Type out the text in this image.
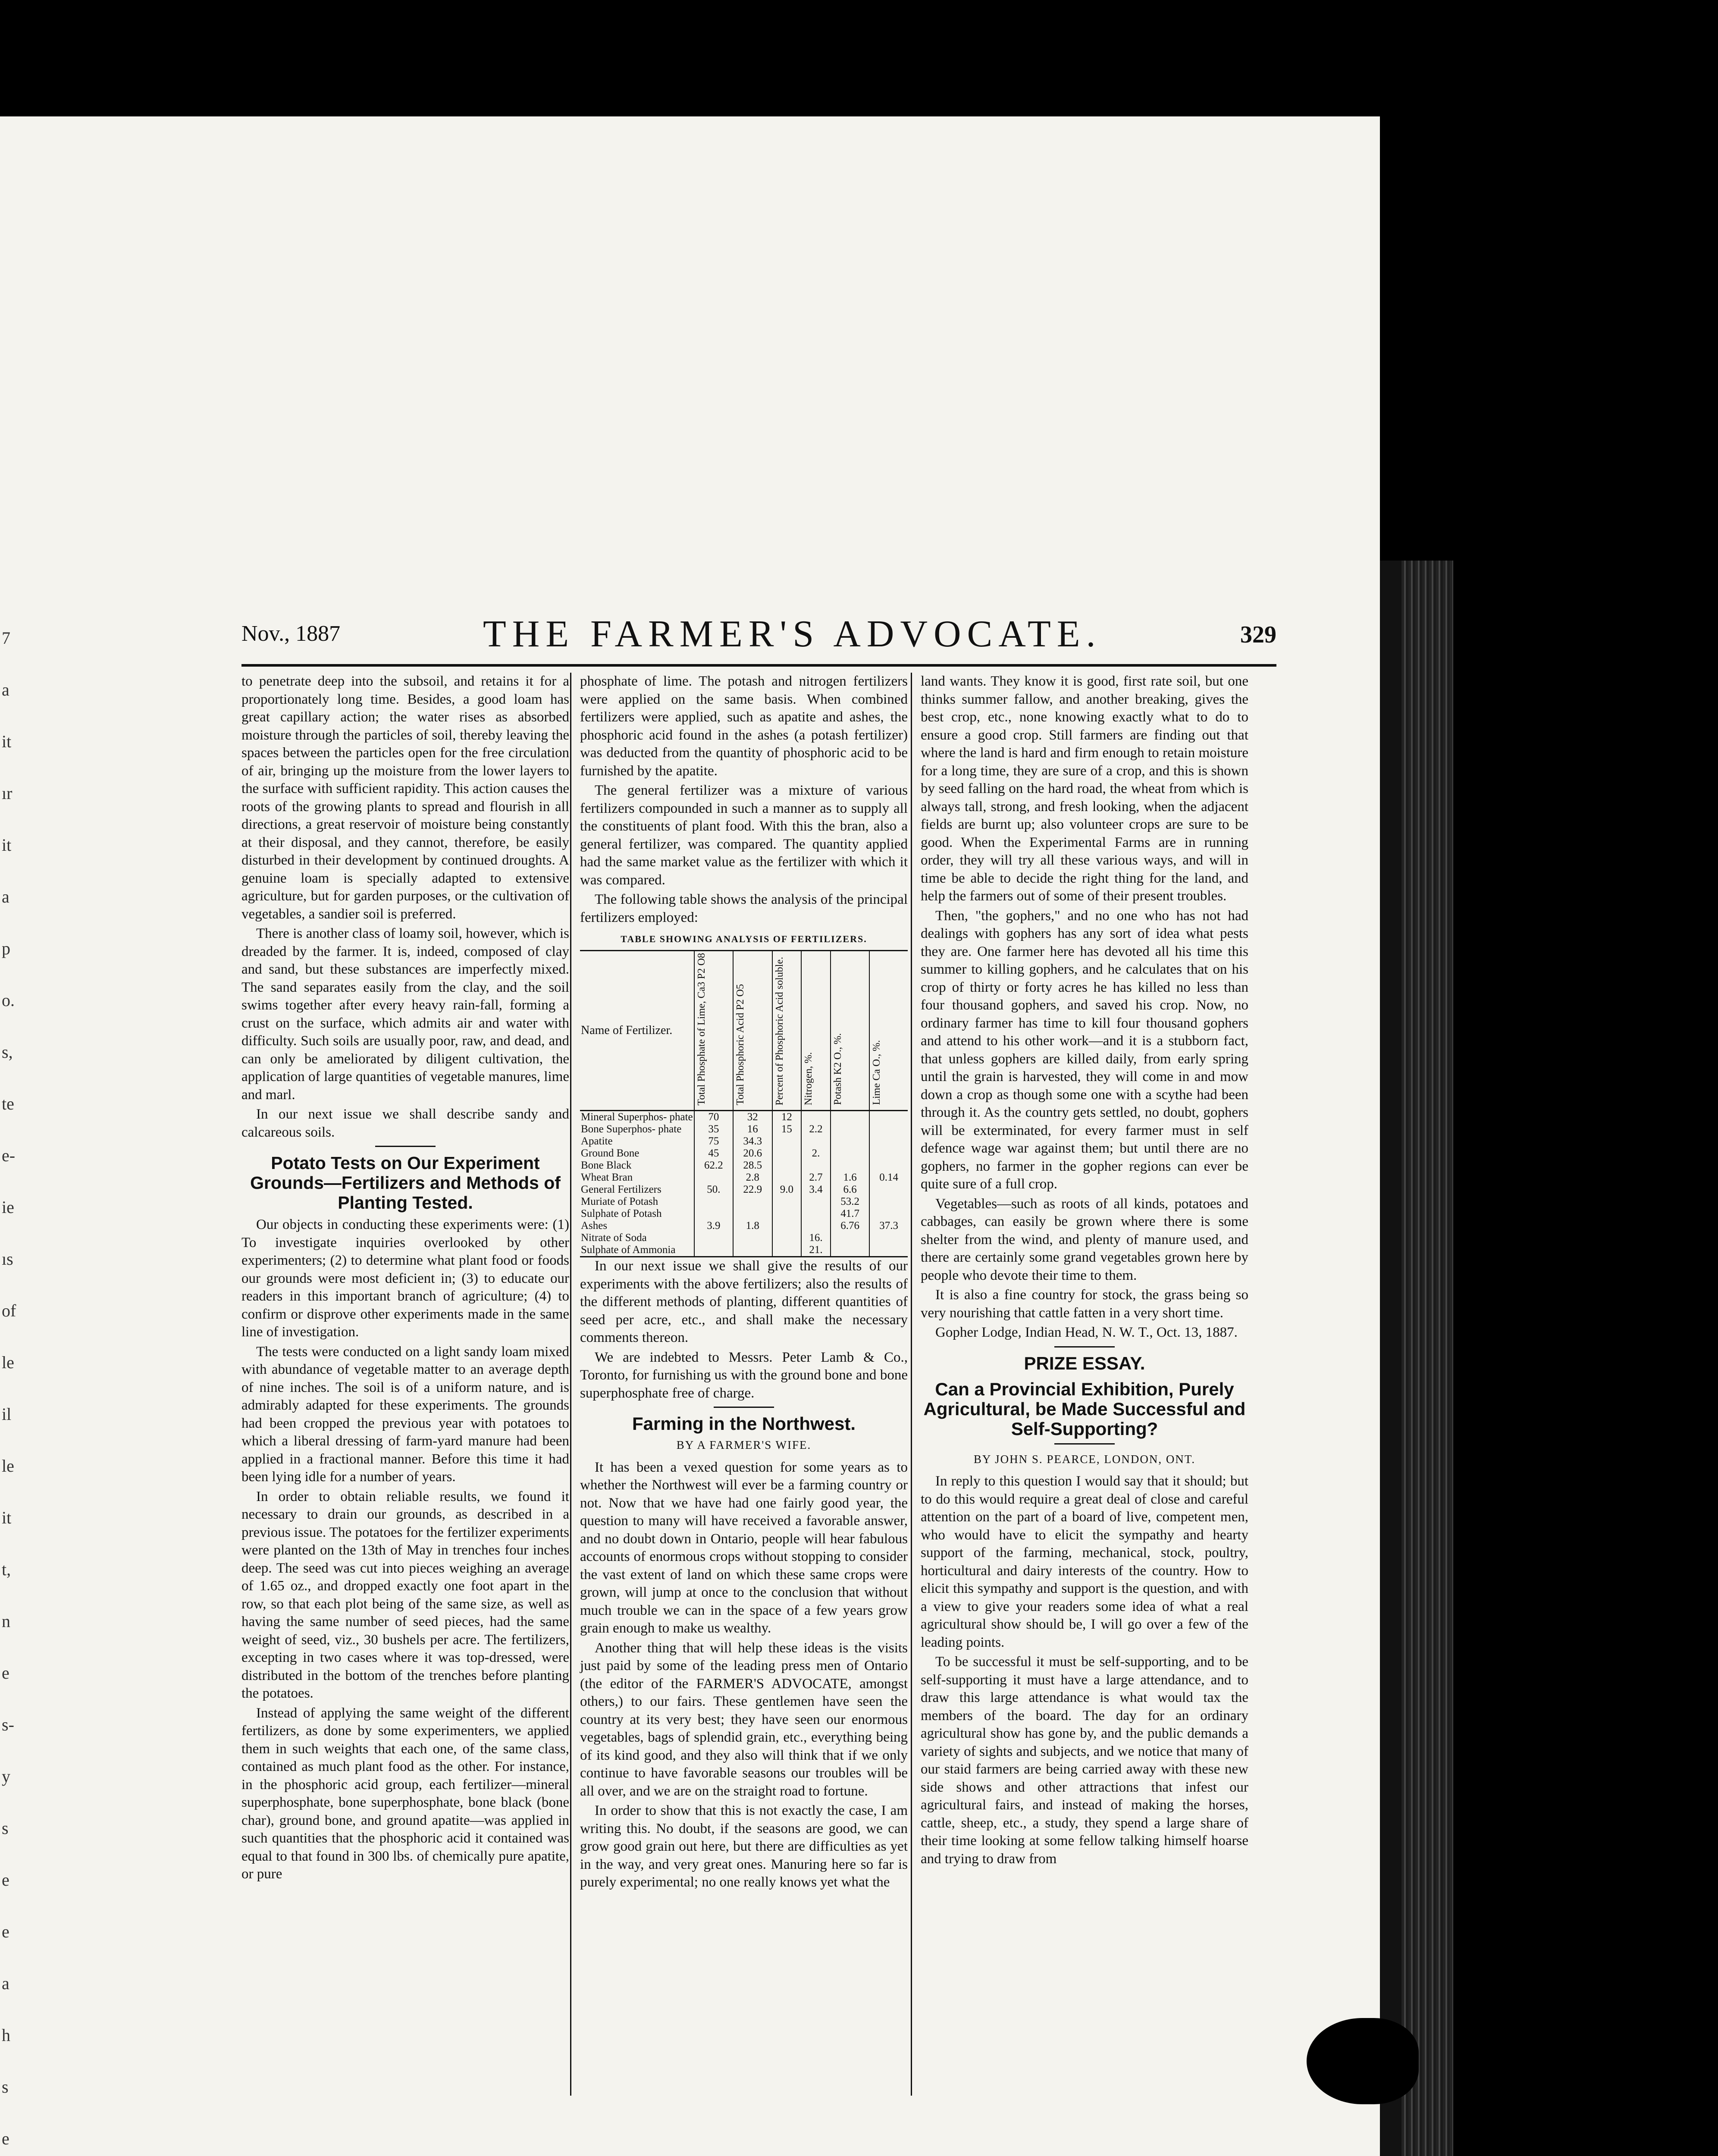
7
a
it
ır
it
a
p
o.
s,
te
e-
ie
ıs
of
le
il
le
it
t,
n
e
s-
y
s
e
e
a
h
s
e

Nov., 1887	THE FARMER'S ADVOCATE.	329

to penetrate deep into the subsoil, and retains it for a proportionately long time. Besides, a good loam has great capillary action; the water rises as absorbed moisture through the particles of soil, thereby leaving the spaces between the particles open for the free circulation of air, bringing up the moisture from the lower layers to the surface with sufficient rapidity. This action causes the roots of the growing plants to spread and flourish in all directions, a great reservoir of moisture being constantly at their disposal, and they cannot, therefore, be easily disturbed in their development by continued droughts. A genuine loam is specially adapted to extensive agriculture, but for garden purposes, or the cultivation of vegetables, a sandier soil is preferred.

There is another class of loamy soil, however, which is dreaded by the farmer. It is, indeed, composed of clay and sand, but these substances are imperfectly mixed. The sand separates easily from the clay, and the soil swims together after every heavy rain-fall, forming a crust on the surface, which admits air and water with difficulty. Such soils are usually poor, raw, and dead, and can only be ameliorated by diligent cultivation, the application of large quantities of vegetable manures, lime and marl.

In our next issue we shall describe sandy and calcareous soils.

Potato Tests on Our Experiment Grounds—Fertilizers and Methods of Planting Tested.

Our objects in conducting these experiments were: (1) To investigate inquiries overlooked by other experimenters; (2) to determine what plant food or foods our grounds were most deficient in; (3) to educate our readers in this important branch of agriculture; (4) to confirm or disprove other experiments made in the same line of investigation.

The tests were conducted on a light sandy loam mixed with abundance of vegetable matter to an average depth of nine inches. The soil is of a uniform nature, and is admirably adapted for these experiments. The grounds had been cropped the previous year with potatoes to which a liberal dressing of farm-yard manure had been applied in a fractional manner. Before this time it had been lying idle for a number of years.

In order to obtain reliable results, we found it necessary to drain our grounds, as described in a previous issue. The potatoes for the fertilizer experiments were planted on the 13th of May in trenches four inches deep. The seed was cut into pieces weighing an average of 1.65 oz., and dropped exactly one foot apart in the row, so that each plot being of the same size, as well as having the same number of seed pieces, had the same weight of seed, viz., 30 bushels per acre. The fertilizers, excepting in two cases where it was top-dressed, were distributed in the bottom of the trenches before planting the potatoes.

Instead of applying the same weight of the different fertilizers, as done by some experimenters, we applied them in such weights that each one, of the same class, contained as much plant food as the other. For instance, in the phosphoric acid group, each fertilizer—mineral superphosphate, bone superphosphate, bone black (bone char), ground bone, and ground apatite—was applied in such quantities that the phosphoric acid it contained was equal to that found in 300 lbs. of chemically pure apatite, or pure

phosphate of lime. The potash and nitrogen fertilizers were applied on the same basis. When combined fertilizers were applied, such as apatite and ashes, the phosphoric acid found in the ashes (a potash fertilizer) was deducted from the quantity of phosphoric acid to be furnished by the apatite.

The general fertilizer was a mixture of various fertilizers compounded in such a manner as to supply all the constituents of plant food. With this the bran, also a general fertilizer, was compared. The quantity applied had the same market value as the fertilizer with which it was compared.

The following table shows the analysis of the principal fertilizers employed:

TABLE SHOWING ANALYSIS OF FERTILIZERS.
Name of Fertilizer.	Total Phosphate of Lime, Ca3 P2 O8	Total Phosphoric Acid P2 O5	Percent of Phosphoric Acid soluble.	Nitrogen, %.	Potash K2 O., %.	Lime Ca O., %.
Mineral Superphos- phate	70	32	12			
Bone Superphos- phate	35	16	15	2.2		
Apatite	75	34.3				
Ground Bone	45	20.6		2.		
Bone Black	62.2	28.5				
Wheat Bran		2.8		2.7	1.6	0.14
General Fertilizers	50.	22.9	9.0	3.4	6.6	
Muriate of Potash					53.2	
Sulphate of Potash					41.7	
Ashes	3.9	1.8			6.76	37.3
Nitrate of Soda				16.		
Sulphate of Ammonia				21.		

In our next issue we shall give the results of our experiments with the above fertilizers; also the results of the different methods of planting, different quantities of seed per acre, etc., and shall make the necessary comments thereon.

We are indebted to Messrs. Peter Lamb & Co., Toronto, for furnishing us with the ground bone and bone superphosphate free of charge.

Farming in the Northwest.
BY A FARMER'S WIFE.

It has been a vexed question for some years as to whether the Northwest will ever be a farming country or not. Now that we have had one fairly good year, the question to many will have received a favorable answer, and no doubt down in Ontario, people will hear fabulous accounts of enormous crops without stopping to consider the vast extent of land on which these same crops were grown, will jump at once to the conclusion that without much trouble we can in the space of a few years grow grain enough to make us wealthy.

Another thing that will help these ideas is the visits just paid by some of the leading press men of Ontario (the editor of the FARMER'S ADVOCATE, amongst others,) to our fairs. These gentlemen have seen the country at its very best; they have seen our enormous vegetables, bags of splendid grain, etc., everything being of its kind good, and they also will think that if we only continue to have favorable seasons our troubles will be all over, and we are on the straight road to fortune.

In order to show that this is not exactly the case, I am writing this. No doubt, if the seasons are good, we can grow good grain out here, but there are difficulties as yet in the way, and very great ones. Manuring here so far is purely experimental; no one really knows yet what the

land wants. They know it is good, first rate soil, but one thinks summer fallow, and another breaking, gives the best crop, etc., none knowing exactly what to do to ensure a good crop. Still farmers are finding out that where the land is hard and firm enough to retain moisture for a long time, they are sure of a crop, and this is shown by seed falling on the hard road, the wheat from which is always tall, strong, and fresh looking, when the adjacent fields are burnt up; also volunteer crops are sure to be good. When the Experimental Farms are in running order, they will try all these various ways, and will in time be able to decide the right thing for the land, and help the farmers out of some of their present troubles.

Then, "the gophers," and no one who has not had dealings with gophers has any sort of idea what pests they are. One farmer here has devoted all his time this summer to killing gophers, and he calculates that on his crop of thirty or forty acres he has killed no less than four thousand gophers, and saved his crop. Now, no ordinary farmer has time to kill four thousand gophers and attend to his other work—and it is a stubborn fact, that unless gophers are killed daily, from early spring until the grain is harvested, they will come in and mow down a crop as though some one with a scythe had been through it. As the country gets settled, no doubt, gophers will be exterminated, for every farmer must in self defence wage war against them; but until there are no gophers, no farmer in the gopher regions can ever be quite sure of a full crop.

Vegetables—such as roots of all kinds, potatoes and cabbages, can easily be grown where there is some shelter from the wind, and plenty of manure used, and there are certainly some grand vegetables grown here by people who devote their time to them.

It is also a fine country for stock, the grass being so very nourishing that cattle fatten in a very short time.

Gopher Lodge, Indian Head, N. W. T., Oct. 13, 1887.

PRIZE ESSAY.
Can a Provincial Exhibition, Purely Agricultural, be Made Successful and Self-Supporting?
BY JOHN S. PEARCE, LONDON, ONT.

In reply to this question I would say that it should; but to do this would require a great deal of close and careful attention on the part of a board of live, competent men, who would have to elicit the sympathy and hearty support of the farming, mechanical, stock, poultry, horticultural and dairy interests of the country. How to elicit this sympathy and support is the question, and with a view to give your readers some idea of what a real agricultural show should be, I will go over a few of the leading points.

To be successful it must be self-supporting, and to be self-supporting it must have a large attendance, and to draw this large attendance is what would tax the members of the board. The day for an ordinary agricultural show has gone by, and the public demands a variety of sights and subjects, and we notice that many of our staid farmers are being carried away with these new side shows and other attractions that infest our agricultural fairs, and instead of making the horses, cattle, sheep, etc., a study, they spend a large share of their time looking at some fellow talking himself hoarse and trying to draw from
